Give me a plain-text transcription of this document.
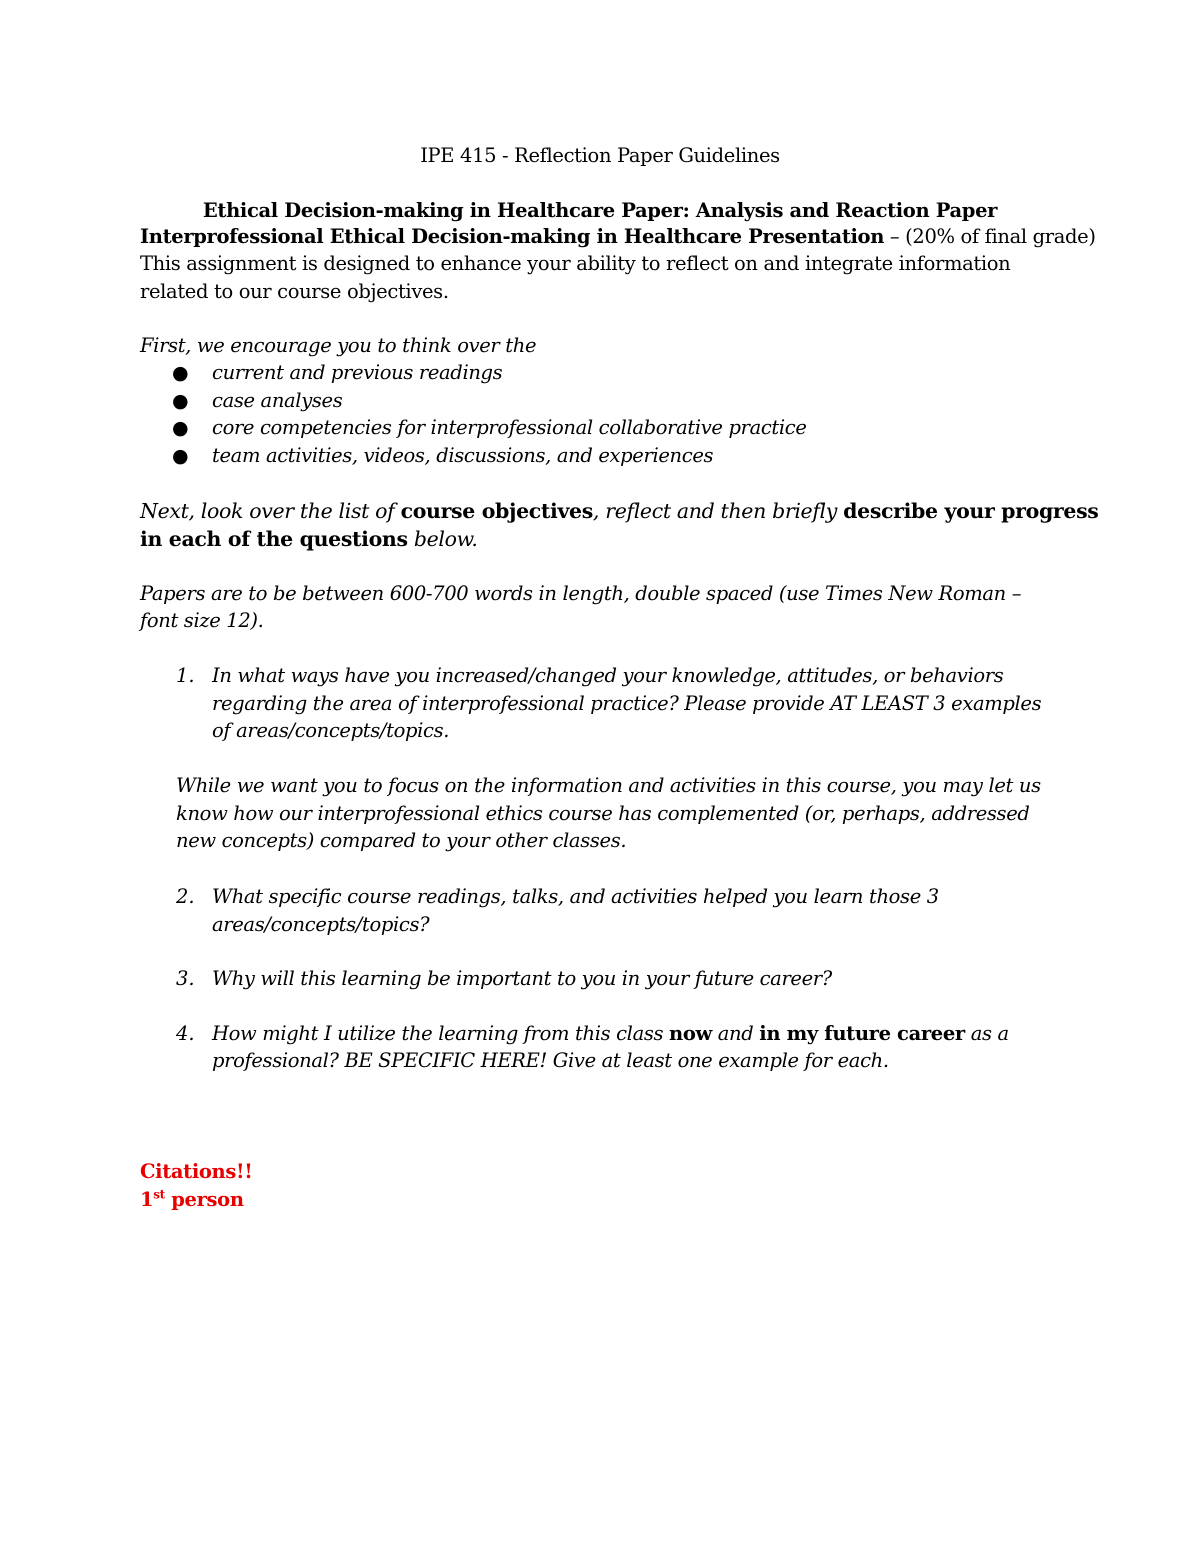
IPE 415 - Reflection Paper Guidelines
Ethical Decision-making in Healthcare Paper: Analysis and Reaction Paper
Interprofessional Ethical Decision-making in Healthcare Presentation – (20% of final grade)
This assignment is designed to enhance your ability to reflect on and integrate information
related to our course objectives.
First, we encourage you to think over the
● current and previous readings
● case analyses
● core competencies for interprofessional collaborative practice
● team activities, videos, discussions, and experiences
Next, look over the list of course objectives, reflect and then briefly describe your progress
in each of the questions below.
Papers are to be between 600-700 words in length, double spaced (use Times New Roman –
font size 12).
1. In what ways have you increased/changed your knowledge, attitudes, or behaviors
regarding the area of interprofessional practice? Please provide AT LEAST 3 examples
of areas/concepts/topics.
While we want you to focus on the information and activities in this course, you may let us
know how our interprofessional ethics course has complemented (or, perhaps, addressed
new concepts) compared to your other classes.
2. What specific course readings, talks, and activities helped you learn those 3
areas/concepts/topics?
3. Why will this learning be important to you in your future career?
4. How might I utilize the learning from this class now and in my future career as a
professional? BE SPECIFIC HERE! Give at least one example for each.
Citations!!
1st person
